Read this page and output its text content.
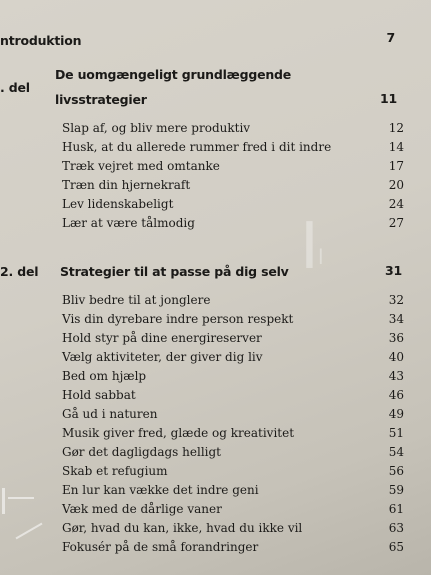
I l
ntroduktion	7
. del
De uomgængeligt grundlæggende
livsstrategier	11
Slap af, og bliv mere produktiv	12
Husk, at du allerede rummer fred i dit indre	14
Træk vejret med omtanke	17
Træn din hjernekraft	20
Lev lidenskabeligt	24
Lær at være tålmodig	27
2. del Strategier til at passe på dig selv	31
Bliv bedre til at jonglere	32
Vis din dyrebare indre person respekt	34
Hold styr på dine energireserver	36
Vælg aktiviteter, der giver dig liv	40
Bed om hjælp	43
Hold sabbat	46
Gå ud i naturen	49
Musik giver fred, glæde og kreativitet	51
Gør det dagligdags helligt	54
Skab et refugium	56
En lur kan vække det indre geni	59
Væk med de dårlige vaner	61
Gør, hvad du kan, ikke, hvad du ikke vil	63
Fokusér på de små forandringer	65
